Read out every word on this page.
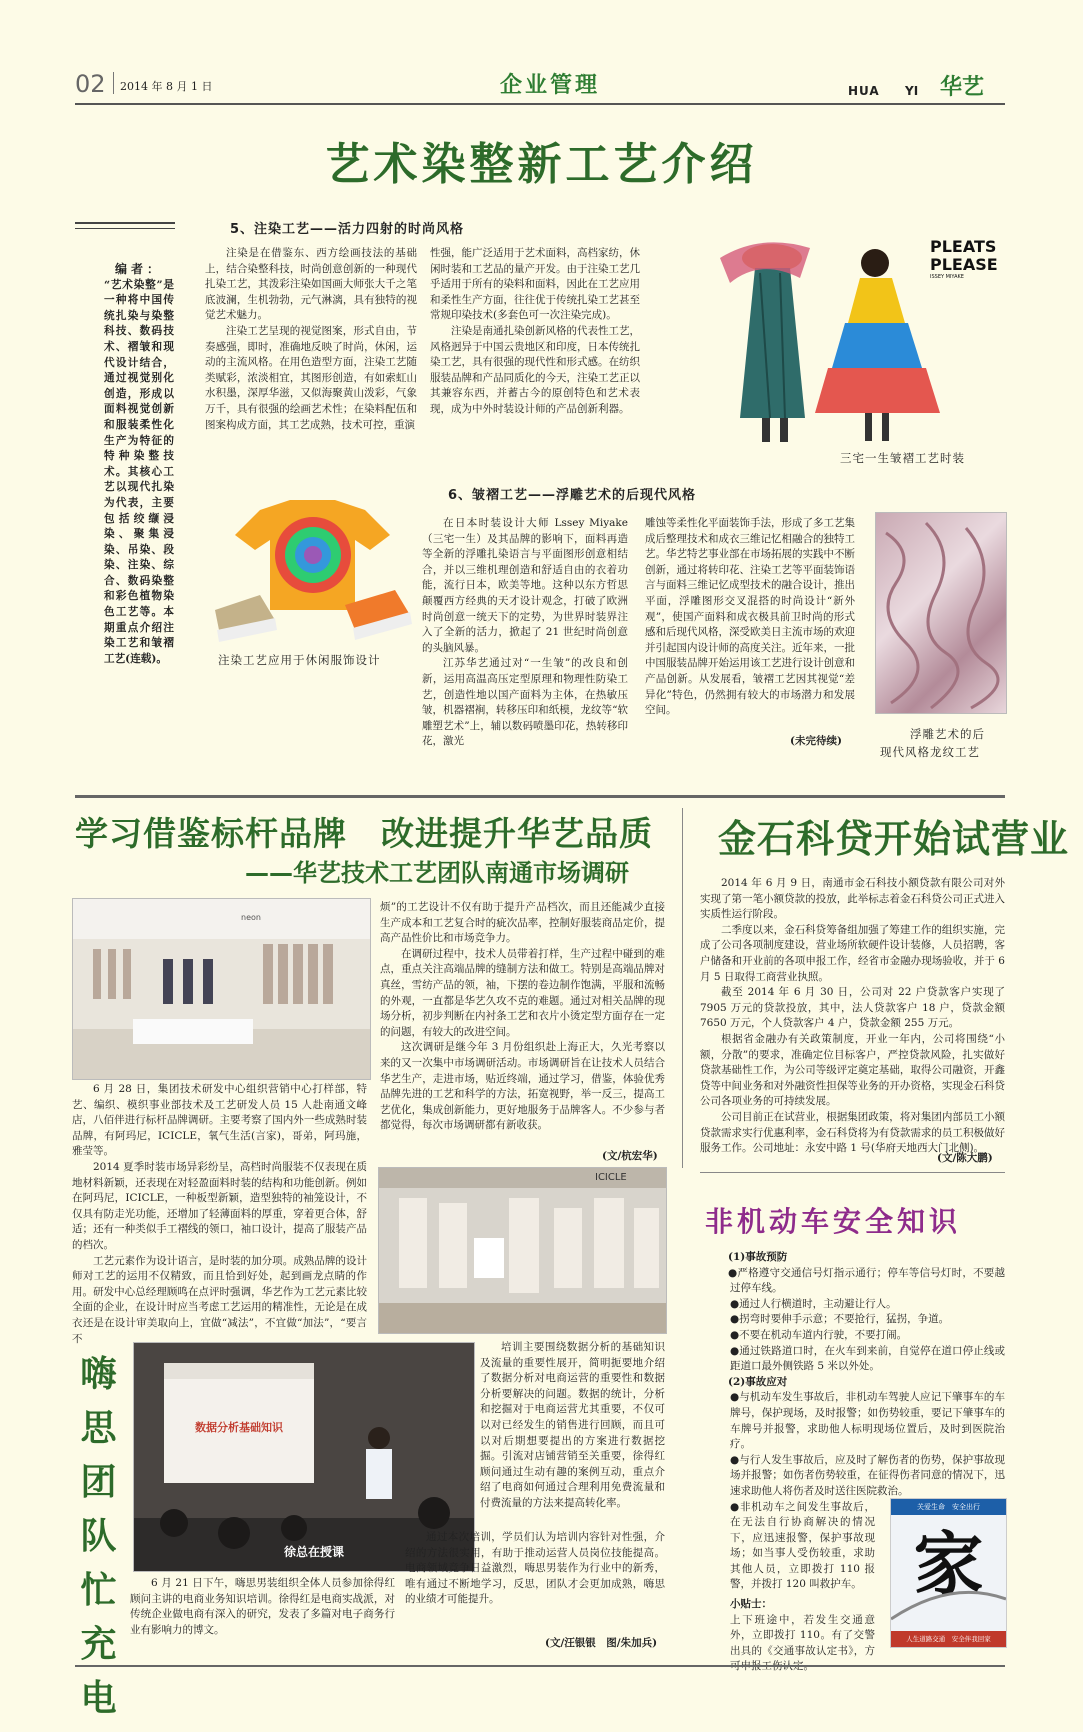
02 2014 年 8 月 1 日	企业管理	HUA YI 华艺
艺术染整新工艺介绍
编者：
“艺术染整”是一种将中国传统扎染与染整科技、数码技术、褶皱和现代设计结合，通过视觉别化创造，形成以面料视觉创新和服装柔性化生产为特征的特种染整技术。其核心工艺以现代扎染为代表，主要包括绞缬浸染、聚集浸染、吊染、段染、注染、综合、数码染整和彩色植物染色工艺等。本期重点介绍注染工艺和皱褶工艺(连载)。
5、注染工艺——活力四射的时尚风格

注染是在借鉴东、西方绘画技法的基础上，结合染整科技，时尚创意创新的一种现代扎染工艺，其泼彩注染如国画大师张大千之笔底波澜，生机勃勃，元气淋漓，具有独特的视觉艺术魅力。

注染工艺呈现的视觉图案，形式自由，节奏感强，即时，准确地反映了时尚，休闲，运动的主流风格。在用色造型方面，注染工艺随类赋彩，浓淡相宜，其图形创造，有如索虹山水积墨，深厚华滋，又似海聚黄山泼彩，气象万千，具有很强的绘画艺术性；在染料配伍和图案构成方面，其工艺成熟，技术可控，重演

性强，能广泛适用于艺术面料，高档家纺，休闲时装和工艺品的量产开发。由于注染工艺几乎适用于所有的染料和面料，因此在工艺应用和柔性生产方面，往往优于传统扎染工艺甚至常规印染技术(多套色可一次注染完成)。

注染是南通扎染创新风格的代表性工艺，风格迥异于中国云贵地区和印度，日本传统扎染工艺，具有很强的现代性和形式感。在纺织服装品牌和产品同质化的今天，注染工艺正以其兼容东西，并蓄古今的原创特色和艺术表现，成为中外时装设计师的产品创新利器。

PLEATS
PLEASE
ISSEY MIYAKE
三宅一生皱褶工艺时装
6、皱褶工艺——浮雕艺术的后现代风格
注染工艺应用于休闲服饰设计

在日本时装设计大师 Lssey Miyake（三宅一生）及其品牌的影响下，面料再造等全新的浮雕扎染语言与平面图形创意相结合，并以三维机理创造和舒适自由的衣着功能，流行日本，欧美等地。这种以东方哲思颠覆西方经典的天才设计观念，打破了欧洲时尚创意一统天下的定势，为世界时装界注入了全新的活力，掀起了 21 世纪时尚创意的头脑风暴。

江苏华艺通过对“一生皱”的改良和创新，运用高温高压定型原理和物理性防染工艺，创造性地以国产面料为主体，在热敏压皱，机器褶裥，转移压印和纸模，龙纹等“软雕塑艺术”上，辅以数码喷墨印花，热转移印花，激光

雕蚀等柔性化平面装饰手法，形成了多工艺集成后整理技术和成衣三维记忆相融合的独特工艺。华艺特艺事业部在市场拓展的实践中不断创新，通过将转印花、注染工艺等平面装饰语言与面料三维记忆成型技术的融合设计，推出平面，浮雕图形交叉混搭的时尚设计“新外观”，使国产面料和成衣极具前卫时尚的形式感和后现代风格，深受欧美日主流市场的欢迎并引起国内设计师的高度关注。近年来，一批中国服装品牌开始运用该工艺进行设计创意和产品创新。从发展看，皱褶工艺因其视觉“差异化”特色，仍然拥有较大的市场潜力和发展空间。

(未完待续)	浮雕艺术的后
现代风格龙纹工艺
学习借鉴标杆品牌　改进提升华艺品质
——华艺技术工艺团队南通市场调研
neon

6 月 28 日，集团技术研发中心组织营销中心打样部，特艺、编织、模织事业部技术及工艺研发人员 15 人赴南通文峰店，八佰伴进行标杆品牌调研。主要考察了国内外一些成熟时装品牌，有阿玛尼，ICICLE，氧气生活(言家)，哥弟，阿玛施，雅莹等。

2014 夏季时装市场异彩纷呈，高档时尚服装不仅表现在质地材料新颖，还表现在对轻盈面料时装的结构和功能创新。例如在阿玛尼，ICICLE，一种板型新颖，造型独特的袖笼设计，不仅具有防走光功能，还增加了轻薄面料的厚重，穿着更合体，舒适；还有一种类似手工褶线的领口，袖口设计，提高了服装产品的档次。

工艺元素作为设计语言，是时装的加分项。成熟品牌的设计师对工艺的运用不仅精致，而且恰到好处，起到画龙点睛的作用。研发中心总经理顾鸣在点评时强调，华艺作为工艺元素比较全面的企业，在设计时应当考虑工艺运用的精准性，无论是在成衣还是在设计审美取向上，宜做“减法”，不宜做“加法”，“要言不

烦”的工艺设计不仅有助于提升产品档次，而且还能减少直接生产成本和工艺复合时的疵次品率，控制好服装商品定价，提高产品性价比和市场竞争力。

在调研过程中，技术人员带着打样，生产过程中碰到的难点，重点关注高端品牌的缝制方法和做工。特别是高端品牌对真丝，雪纺产品的领，袖，下摆的卷边制作饱满，平服和流畅的外观，一直都是华艺久攻不克的难题。通过对相关品牌的现场分析，初步判断在内衬条工艺和衣片小烫定型方面存在一定的问题，有较大的改进空间。

这次调研是继今年 3 月份组织赴上海正大，久光考察以来的又一次集中市场调研活动。市场调研旨在让技术人员结合华艺生产，走进市场，贴近终端，通过学习，借鉴，体验优秀品牌先进的工艺和科学的方法，拓宽视野，举一反三，提高工艺优化，集成创新能力，更好地服务于品牌客人。不少参与者都觉得，每次市场调研都有新收获。

(文/杭宏华)
ICICLE
金石科贷开始试营业

2014 年 6 月 9 日，南通市金石科技小额贷款有限公司对外实现了第一笔小额贷款的投放，此举标志着金石科贷公司正式进入实质性运行阶段。

二季度以来，金石科贷筹备组加强了筹建工作的组织实施，完成了公司各项制度建设，营业场所软硬件设计装修，人员招聘，客户储备和开业前的各项申报工作，经省市金融办现场验收，并于 6 月 5 日取得工商营业执照。

截至 2014 年 6 月 30 日，公司对 22 户贷款客户实现了 7905 万元的贷款投放，其中，法人贷款客户 18 户，贷款金额 7650 万元，个人贷款客户 4 户，贷款金额 255 万元。

根据省金融办有关政策制度，开业一年内，公司将围绕“小额，分散”的要求，准确定位目标客户，严控贷款风险，扎实做好贷款基础性工作，为公司等级评定奠定基础，取得公司融资，开鑫贷等中间业务和对外融资性担保等业务的开办资格，实现金石科贷公司各项业务的可持续发展。

公司目前正在试营业，根据集团政策，将对集团内部员工小额贷款需求实行优惠利率，金石科贷将为有贷款需求的员工积极做好服务工作。公司地址：永安中路 1 号(华府天地西大门北侧)。

(文/陈大鹏)
非机动车安全知识
(1)事故预防
●严格遵守交通信号灯指示通行；停车等信号灯时，不要越过停车线。
●通过人行横道时，主动避让行人。
●拐弯时要伸手示意；不要抢行，猛拐，争道。
●不要在机动车道内行驶，不要打闹。
●通过铁路道口时，在火车到来前，自觉停在道口停止线或距道口最外侧铁路 5 米以外处。
(2)事故应对
●与机动车发生事故后，非机动车驾驶人应记下肇事车的车牌号，保护现场，及时报警；如伤势较重，要记下肇事车的车牌号并报警，求助他人标明现场位置后，及时到医院治疗。
●与行人发生事故后，应及时了解伤者的伤势，保护事故现场并报警；如伤者伤势较重，在征得伤者同意的情况下，迅速求助他人将伤者及时送往医院救治。
●非机动车之间发生事故后，在无法自行协商解决的情况下，应迅速报警，保护事故现场；如当事人受伤较重，求助其他人员，立即拨打 110 报警，并拨打 120 叫救护车。
小贴士：
上下班途中，若发生交通意外，立即拨打 110。有了交警出具的《交通事故认定书》，方可申报工伤认定。
关爱生命　安全出行
家
人生道路交通　安全伴我回家
嗨思团队忙充电
数据分析基础知识
徐总在授课

6 月 21 日下午，嗨思男装组织全体人员参加徐得红顾问主讲的电商业务知识培训。徐得红是电商实战派，对传统企业做电商有深入的研究，发表了多篇对电子商务行业有影响力的博文。

培训主要围绕数据分析的基础知识及流量的重要性展开，简明扼要地介绍了数据分析对电商运营的重要性和数据分析要解决的问题。数据的统计，分析和挖掘对于电商运营尤其重要，不仅可以对已经发生的销售进行回顾，而且可以对后期想要提出的方案进行数据挖掘。引流对店铺营销至关重要，徐得红顾问通过生动有趣的案例互动，重点介绍了电商如何通过合理利用免费流量和付费流量的方法来提高转化率。

通过本次培训，学员们认为培训内容针对性强，介绍的方法很实用，有助于推动运营人员岗位技能提高。电商领域竞争日益激烈，嗨思男装作为行业中的新秀，唯有通过不断地学习，反思，团队才会更加成熟，嗨思的业绩才可能提升。

(文/汪银银　图/朱加兵)
